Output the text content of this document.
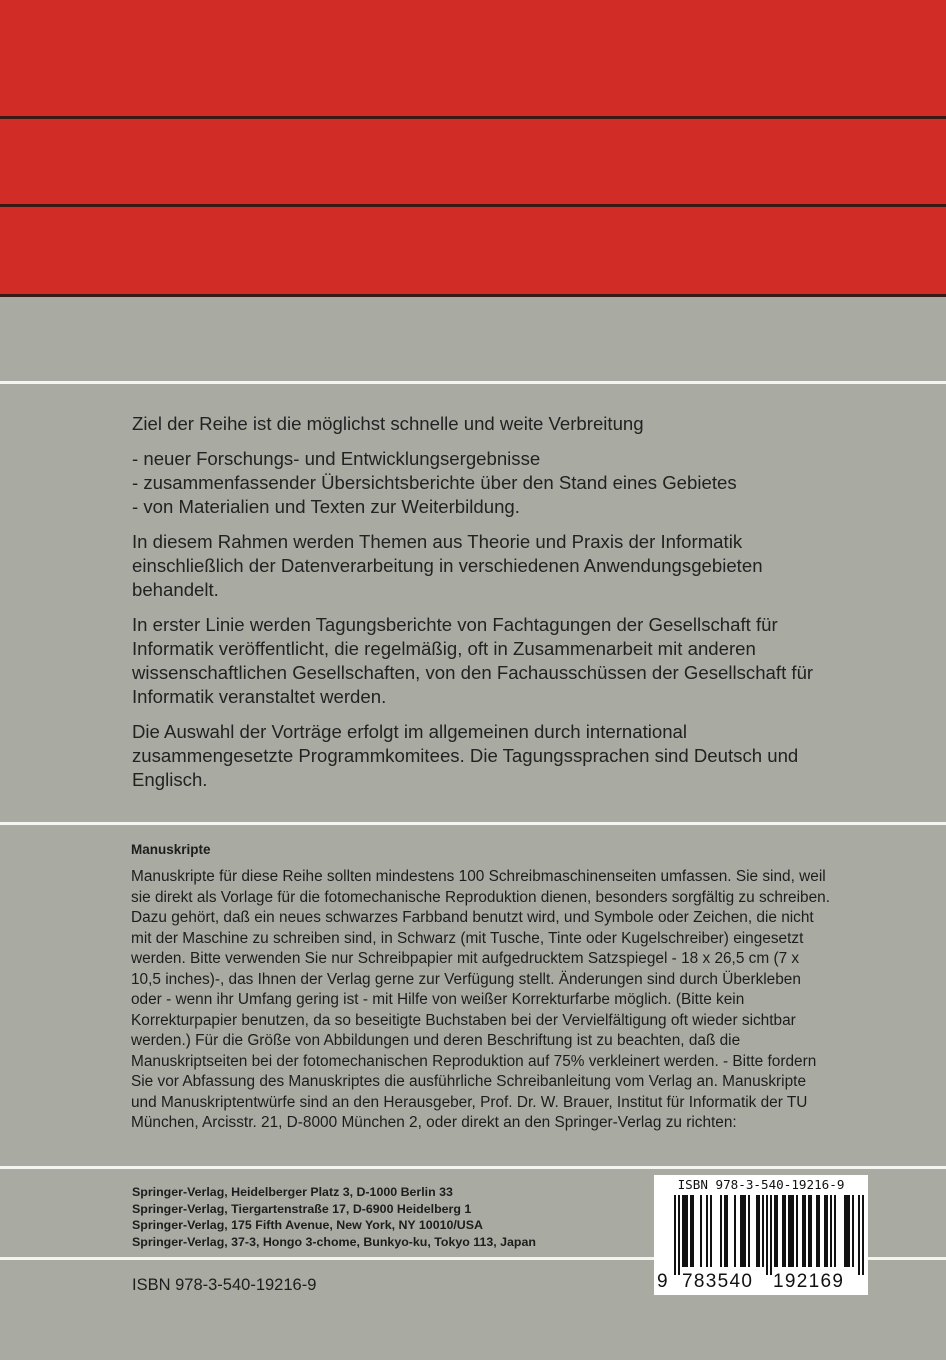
Ziel der Reihe ist die möglichst schnelle und weite Verbreitung

- neuer Forschungs- und Entwicklungsergebnisse
- zusammenfassender Übersichtsberichte über den Stand eines Gebietes
- von Materialien und Texten zur Weiterbildung.

In diesem Rahmen werden Themen aus Theorie und Praxis der Informatik einschließlich der Datenverarbeitung in verschiedenen Anwendungsgebieten behandelt.

In erster Linie werden Tagungsberichte von Fachtagungen der Gesellschaft für Informatik veröffentlicht, die regelmäßig, oft in Zusammenarbeit mit anderen wissenschaftlichen Gesellschaften, von den Fachausschüssen der Gesellschaft für Informatik veranstaltet werden.

Die Auswahl der Vorträge erfolgt im allgemeinen durch international zusammengesetzte Programmkomitees. Die Tagungssprachen sind Deutsch und Englisch.

Manuskripte
Manuskripte für diese Reihe sollten mindestens 100 Schreibmaschinenseiten umfassen. Sie sind, weil sie direkt als Vorlage für die fotomechanische Reproduktion dienen, besonders sorgfältig zu schreiben. Dazu gehört, daß ein neues schwarzes Farbband benutzt wird, und Symbole oder Zeichen, die nicht mit der Maschine zu schreiben sind, in Schwarz (mit Tusche, Tinte oder Kugelschreiber) eingesetzt werden. Bitte verwenden Sie nur Schreibpapier mit aufgedrucktem Satzspiegel - 18 x 26,5 cm (7 x 10,5 inches)-, das Ihnen der Verlag gerne zur Verfügung stellt. Änderungen sind durch Überkleben oder - wenn ihr Umfang gering ist - mit Hilfe von weißer Korrekturfarbe möglich. (Bitte kein Korrekturpapier benutzen, da so beseitigte Buchstaben bei der Vervielfältigung oft wieder sichtbar werden.) Für die Größe von Abbildungen und deren Beschriftung ist zu beachten, daß die Manuskriptseiten bei der fotomechanischen Reproduktion auf 75% verkleinert werden. - Bitte fordern Sie vor Abfassung des Manuskriptes die ausführliche Schreibanleitung vom Verlag an. Manuskripte und Manuskriptentwürfe sind an den Herausgeber, Prof. Dr. W. Brauer, Institut für Informatik der TU München, Arcisstr. 21, D-8000 München 2, oder direkt an den Springer-Verlag zu richten:
Springer-Verlag, Heidelberger Platz 3, D-1000 Berlin 33
Springer-Verlag, Tiergartenstraße 17, D-6900 Heidelberg 1
Springer-Verlag, 175 Fifth Avenue, New York, NY 10010/USA
Springer-Verlag, 37-3, Hongo 3-chome, Bunkyo-ku, Tokyo 113, Japan
ISBN 978-3-540-19216-9
ISBN 978-3-540-19216-9
9 783540 192169
